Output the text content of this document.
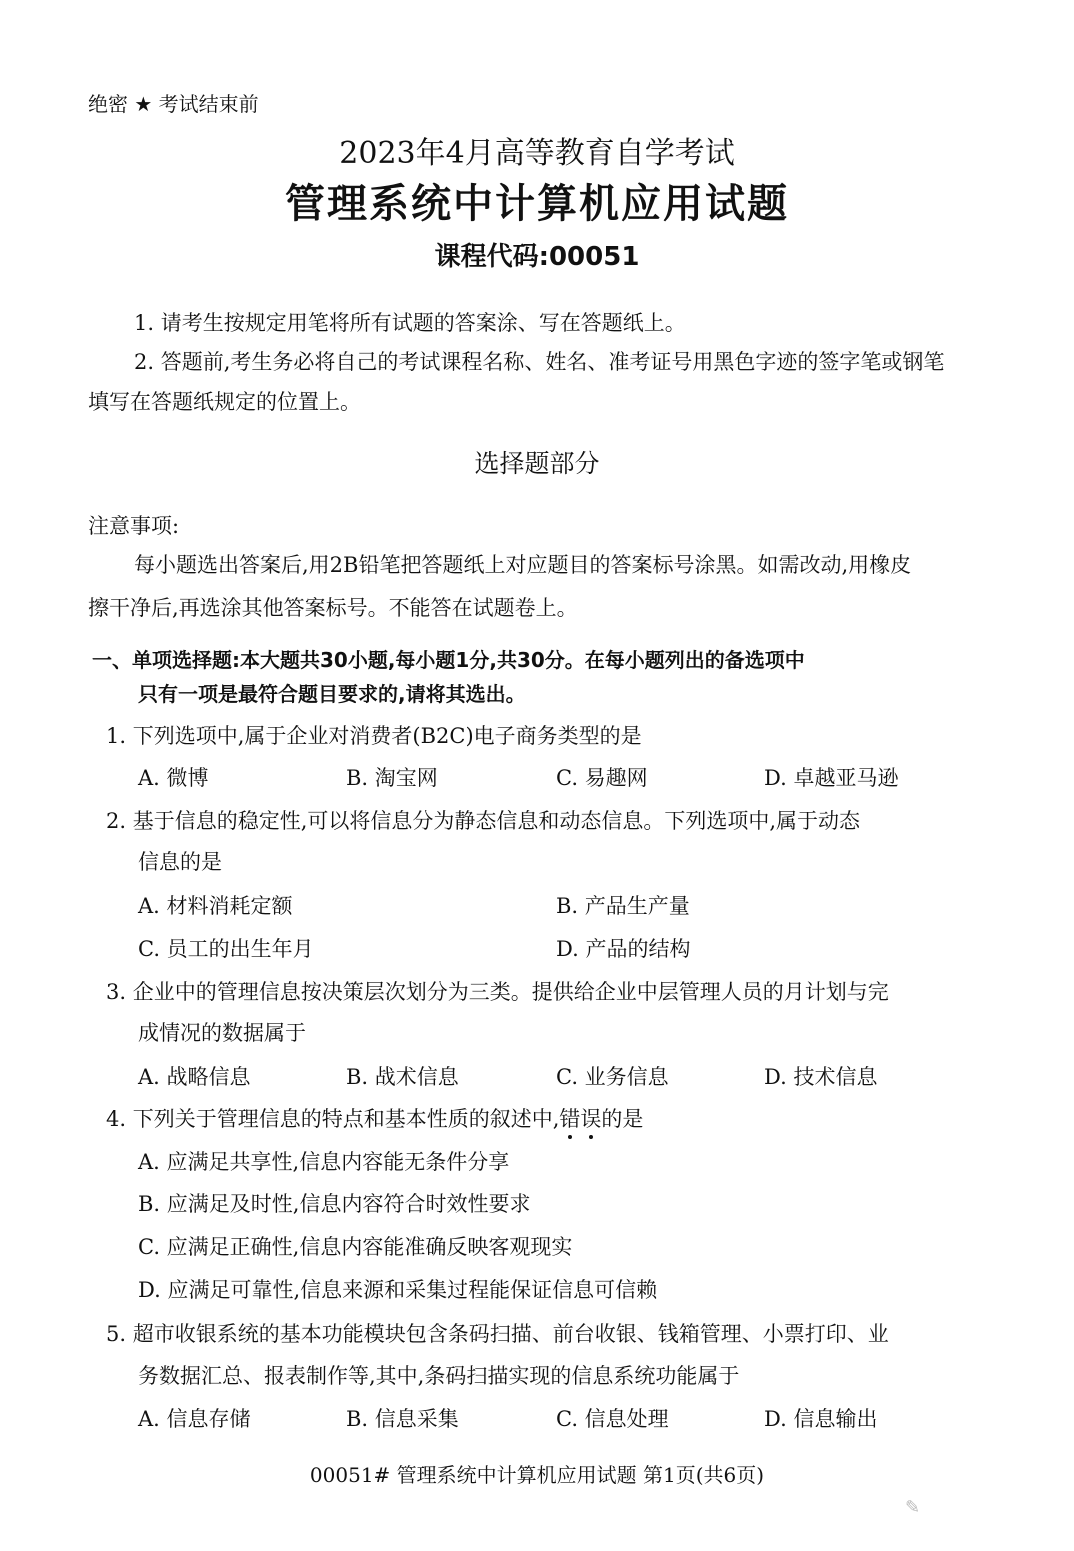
绝密 ★ 考试结束前
2023年4月高等教育自学考试
管理系统中计算机应用试题
课程代码:00051
1. 请考生按规定用笔将所有试题的答案涂、写在答题纸上。
2. 答题前,考生务必将自己的考试课程名称、姓名、准考证号用黑色字迹的签字笔或钢笔
填写在答题纸规定的位置上。
选择题部分
注意事项:
每小题选出答案后,用2B铅笔把答题纸上对应题目的答案标号涂黑。如需改动,用橡皮
擦干净后,再选涂其他答案标号。不能答在试题卷上。
一、单项选择题:本大题共30小题,每小题1分,共30分。在每小题列出的备选项中
只有一项是最符合题目要求的,请将其选出。
1. 下列选项中,属于企业对消费者(B2C)电子商务类型的是
A. 微博	B. 淘宝网	C. 易趣网	D. 卓越亚马逊
2. 基于信息的稳定性,可以将信息分为静态信息和动态信息。下列选项中,属于动态
信息的是
A. 材料消耗定额	B. 产品生产量
C. 员工的出生年月	D. 产品的结构
3. 企业中的管理信息按决策层次划分为三类。提供给企业中层管理人员的月计划与完
成情况的数据属于
A. 战略信息	B. 战术信息	C. 业务信息	D. 技术信息
4. 下列关于管理信息的特点和基本性质的叙述中,错误的是
A. 应满足共享性,信息内容能无条件分享
B. 应满足及时性,信息内容符合时效性要求
C. 应满足正确性,信息内容能准确反映客观现实
D. 应满足可靠性,信息来源和采集过程能保证信息可信赖
5. 超市收银系统的基本功能模块包含条码扫描、前台收银、钱箱管理、小票打印、业
务数据汇总、报表制作等,其中,条码扫描实现的信息系统功能属于
A. 信息存储	B. 信息采集	C. 信息处理	D. 信息输出
00051# 管理系统中计算机应用试题 第1页(共6页)
✎
